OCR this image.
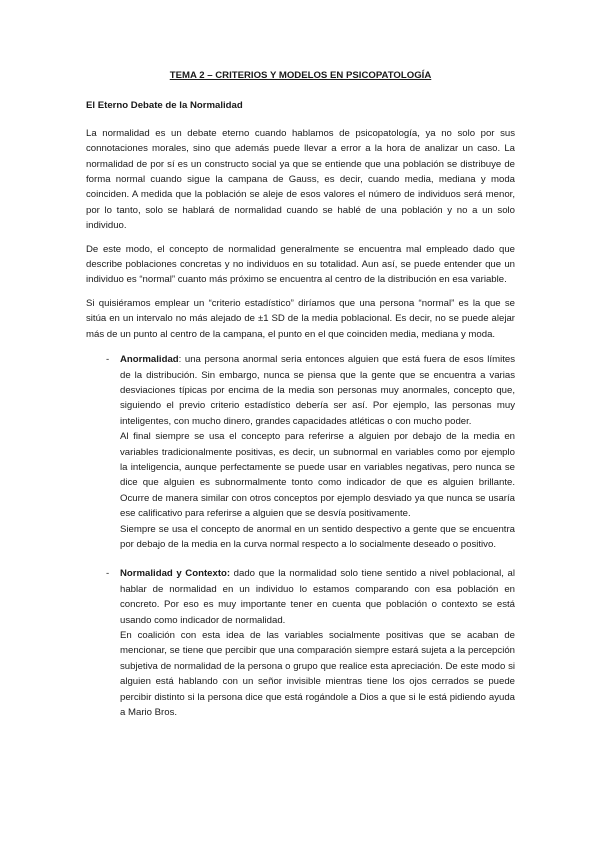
TEMA 2 – CRITERIOS Y MODELOS EN PSICOPATOLOGÍA
El Eterno Debate de la Normalidad

La normalidad es un debate eterno cuando hablamos de psicopatología, ya no solo por sus connotaciones morales, sino que además puede llevar a error a la hora de analizar un caso. La normalidad de por sí es un constructo social ya que se entiende que una población se distribuye de forma normal cuando sigue la campana de Gauss, es decir, cuando media, mediana y moda coinciden. A medida que la población se aleje de esos valores el número de individuos será menor, por lo tanto, solo se hablará de normalidad cuando se hablé de una población y no a un solo individuo.

De este modo, el concepto de normalidad generalmente se encuentra mal empleado dado que describe poblaciones concretas y no individuos en su totalidad. Aun así, se puede entender que un individuo es “normal” cuanto más próximo se encuentra al centro de la distribución en esa variable.

Si quisiéramos emplear un “criterio estadístico” diríamos que una persona “normal” es la que se sitúa en un intervalo no más alejado de ±1 SD de la media poblacional. Es decir, no se puede alejar más de un punto al centro de la campana, el punto en el que coinciden media, mediana y moda.

- Anormalidad: una persona anormal seria entonces alguien que está fuera de esos límites de la distribución. Sin embargo, nunca se piensa que la gente que se encuentra a varias desviaciones típicas por encima de la media son personas muy anormales, concepto que, siguiendo el previo criterio estadístico debería ser así. Por ejemplo, las personas muy inteligentes, con mucho dinero, grandes capacidades atléticas o con mucho poder.

Al final siempre se usa el concepto para referirse a alguien por debajo de la media en variables tradicionalmente positivas, es decir, un subnormal en variables como por ejemplo la inteligencia, aunque perfectamente se puede usar en variables negativas, pero nunca se dice que alguien es subnormalmente tonto como indicador de que es alguien brillante. Ocurre de manera similar con otros conceptos por ejemplo desviado ya que nunca se usaría ese calificativo para referirse a alguien que se desvía positivamente.

Siempre se usa el concepto de anormal en un sentido despectivo a gente que se encuentra por debajo de la media en la curva normal respecto a lo socialmente deseado o positivo.

- Normalidad y Contexto: dado que la normalidad solo tiene sentido a nivel poblacional, al hablar de normalidad en un individuo lo estamos comparando con esa población en concreto. Por eso es muy importante tener en cuenta que población o contexto se está usando como indicador de normalidad.

En coalición con esta idea de las variables socialmente positivas que se acaban de mencionar, se tiene que percibir que una comparación siempre estará sujeta a la percepción subjetiva de normalidad de la persona o grupo que realice esta apreciación. De este modo si alguien está hablando con un señor invisible mientras tiene los ojos cerrados se puede percibir distinto si la persona dice que está rogándole a Dios a que si le está pidiendo ayuda a Mario Bros.
